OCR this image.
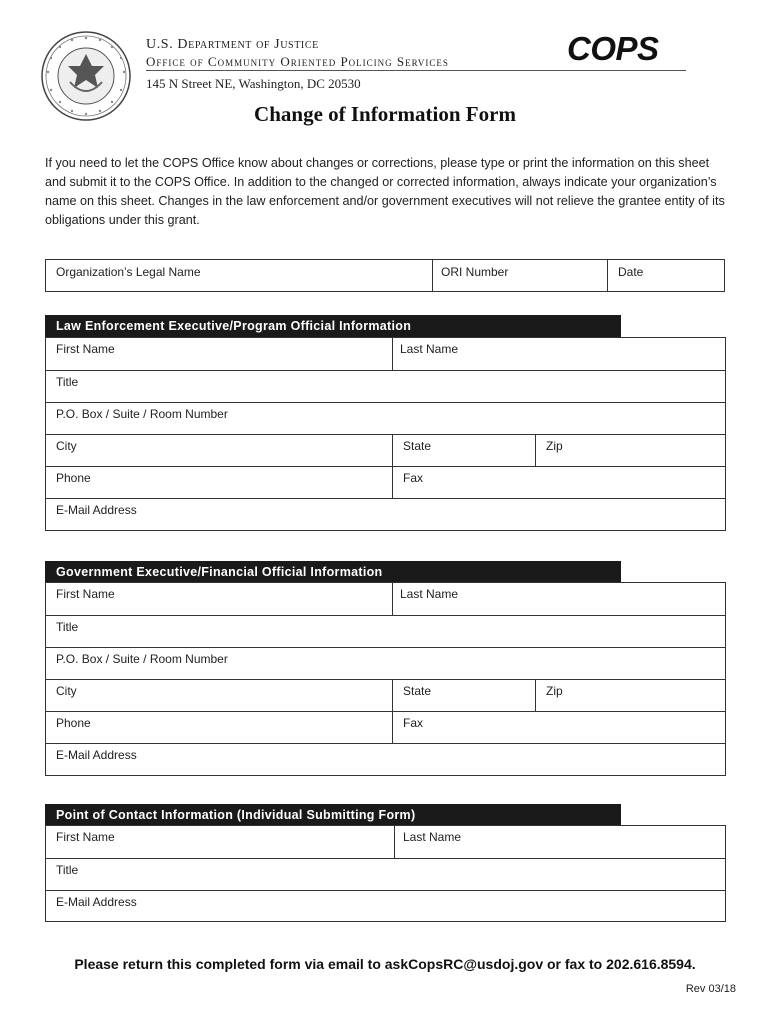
U.S. Department of Justice
Office of Community Oriented Policing Services
145 N Street NE, Washington, DC 20530
COPS
Change of Information Form
If you need to let the COPS Office know about changes or corrections, please type or print the information on this sheet and submit it to the COPS Office. In addition to the changed or corrected information, always indicate your organization’s name on this sheet. Changes in the law enforcement and/or government executives will not relieve the grantee entity of its obligations under this grant.
Organization’s Legal Name	ORI Number	Date
Law Enforcement Executive/Program Official Information
First Name	Last Name
Title
P.O. Box / Suite / Room Number
City	State	Zip
Phone	Fax
E-Mail Address
Government Executive/Financial Official Information
First Name	Last Name
Title
P.O. Box / Suite / Room Number
City	State	Zip
Phone	Fax
E-Mail Address
Point of Contact Information (Individual Submitting Form)
First Name	Last Name
Title
E-Mail Address
Please return this completed form via email to askCopsRC@usdoj.gov or fax to 202.616.8594.
Rev 03/18
